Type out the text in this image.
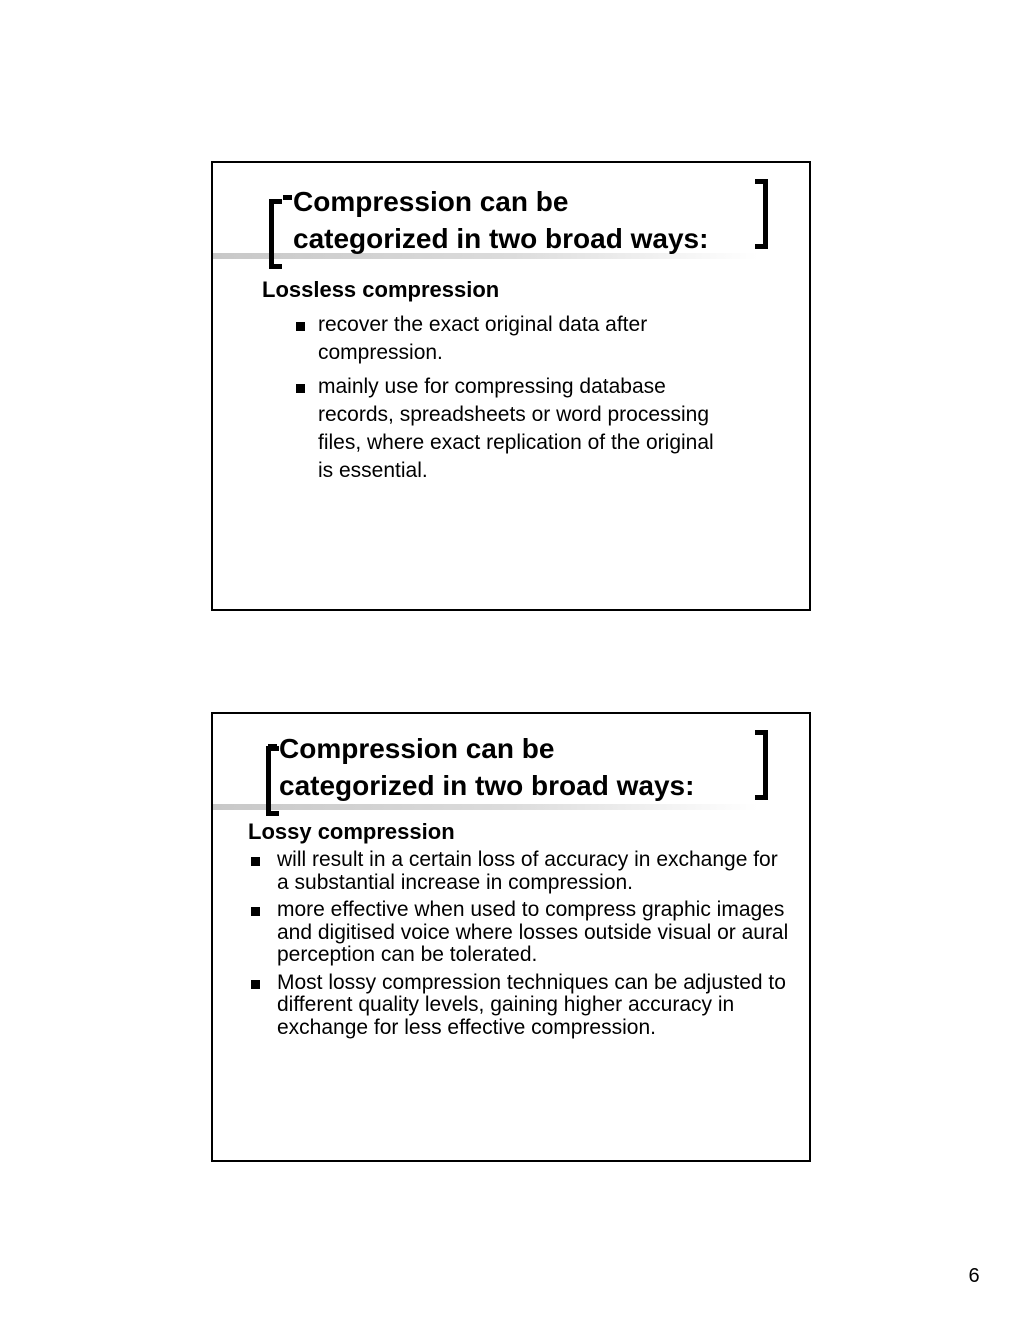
Compression can be
categorized in two broad ways:

Lossless compression

recover the exact original data after compression.
mainly use for compressing database records, spreadsheets or word processing files, where exact replication of the original is essential.
Compression can be
categorized in two broad ways:

Lossy compression

will result in a certain loss of accuracy in exchange for a substantial increase in compression.
more effective when used to compress graphic images and digitised voice where losses outside visual or aural perception can be tolerated.
Most lossy compression techniques can be adjusted to different quality levels, gaining higher accuracy in exchange for less effective compression.
6
